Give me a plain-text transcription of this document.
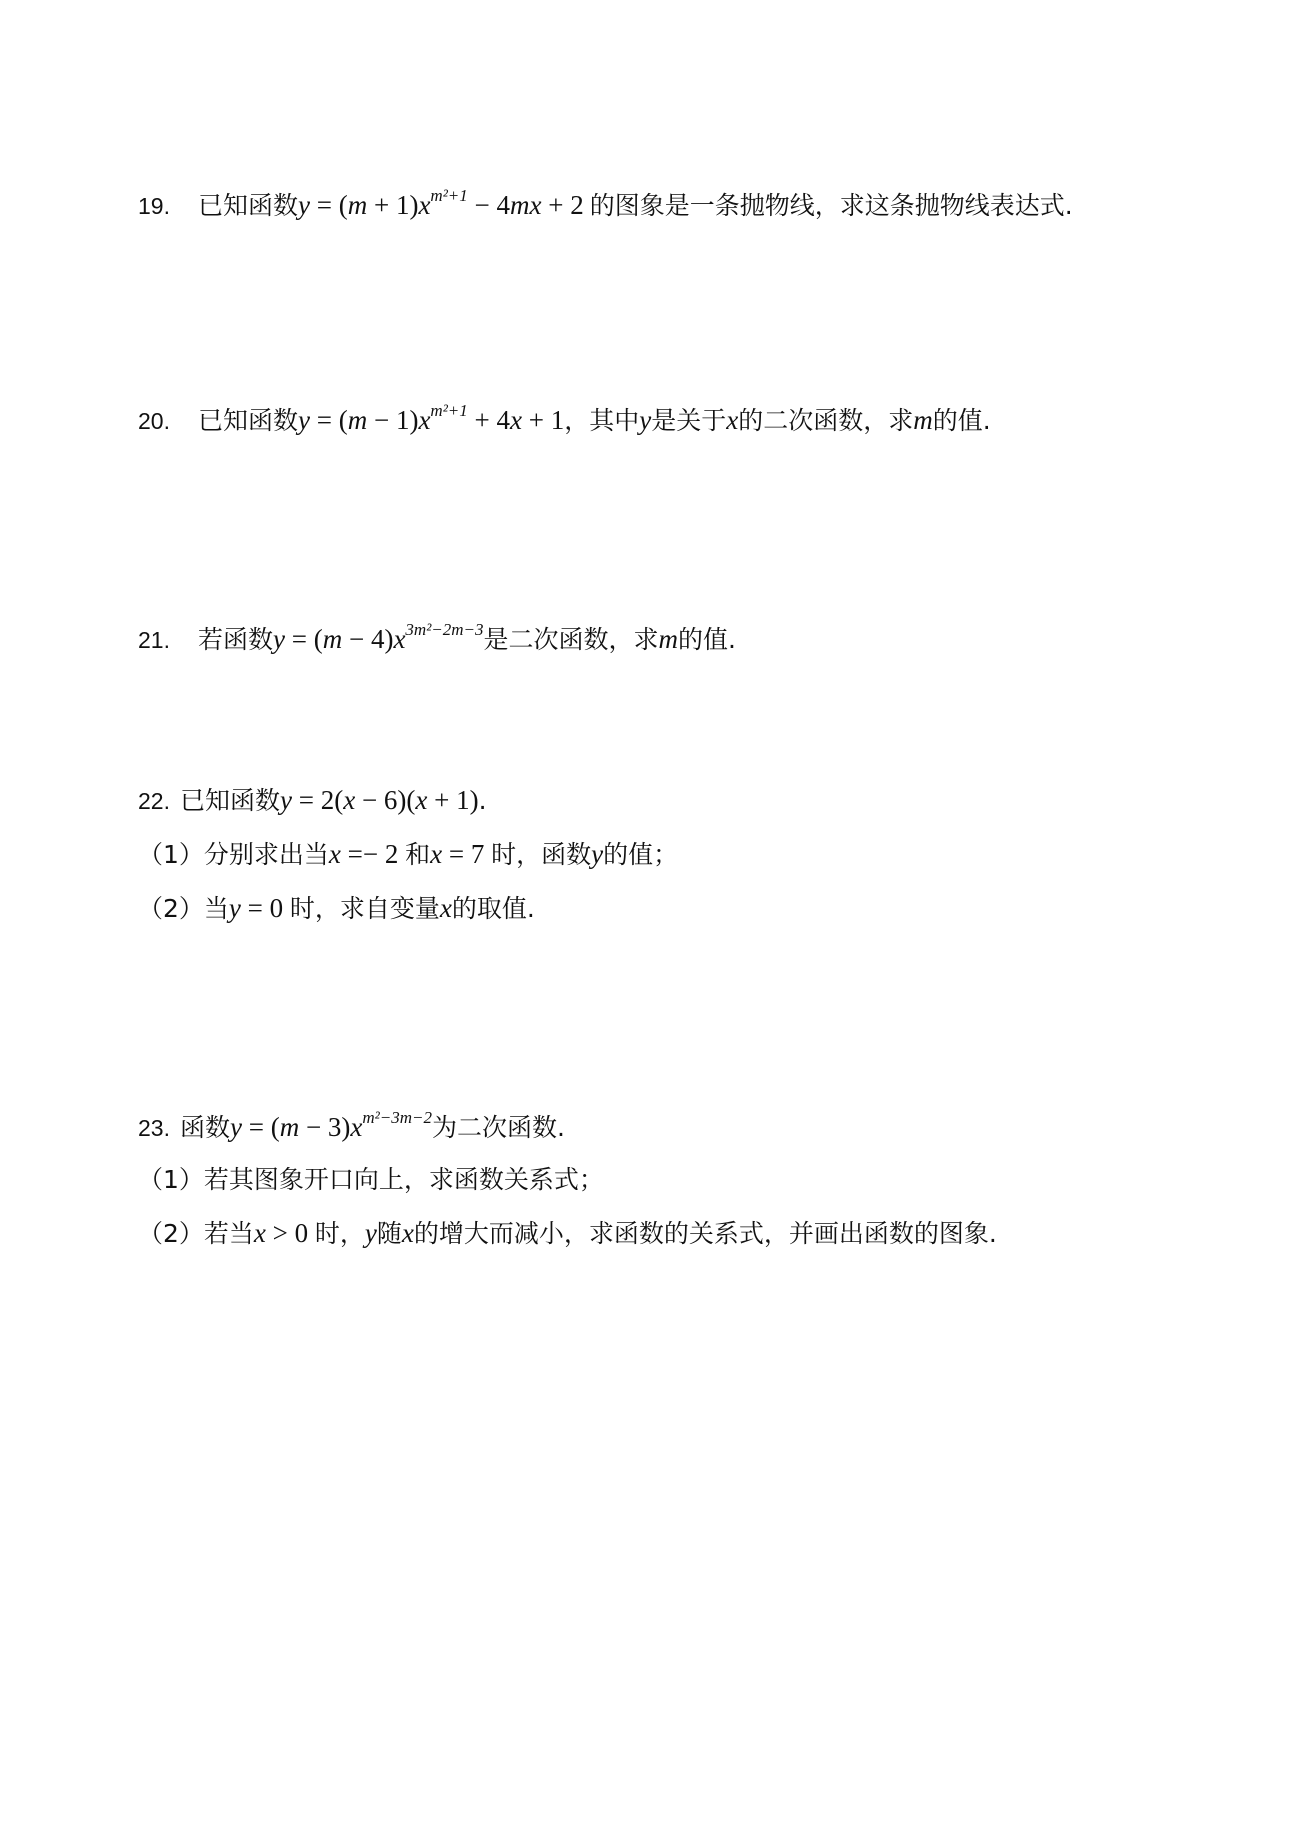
19. 已知函数$y = (m + 1)x^{m^2+1} - 4mx + 2$ 的图象是一条抛物线，求这条抛物线表达式.
20. 已知函数$y = (m - 1)x^{m^2+1} + 4x + 1$，其中y是关于x的二次函数，求m的值.
21. 若函数$y = (m - 4)x^{3m^2-2m-3}$是二次函数，求m的值.
22. 已知函数y = 2(x − 6)(x + 1).
（1）分别求出当x =− 2 和x = 7 时，函数y的值；
（2）当y = 0 时，求自变量x的取值.
23. 函数$y = (m - 3)x^{m^2-3m-2}$为二次函数.
（1）若其图象开口向上，求函数关系式；
（2）若当x > 0 时，y随x的增大而减小，求函数的关系式，并画出函数的图象.
